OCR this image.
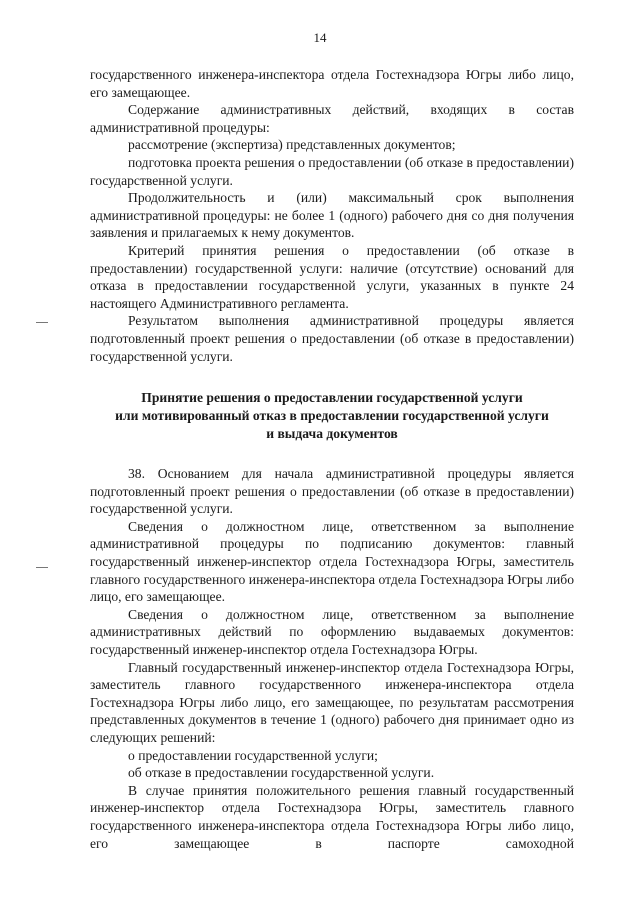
14

государственного инженера-инспектора отдела Гостехнадзора Югры либо лицо, его замещающее.

Содержание административных действий, входящих в состав административной процедуры:

рассмотрение (экспертиза) представленных документов;

подготовка проекта решения о предоставлении (об отказе в предоставлении) государственной услуги.

Продолжительность и (или) максимальный срок выполнения административной процедуры: не более 1 (одного) рабочего дня со дня получения заявления и прилагаемых к нему документов.

Критерий принятия решения о предоставлении (об отказе в предоставлении) государственной услуги: наличие (отсутствие) оснований для отказа в предоставлении государственной услуги, указанных в пункте 24 настоящего Административного регламента.

Результатом выполнения административной процедуры является подготовленный проект решения о предоставлении (об отказе в предоставлении) государственной услуги.

Принятие решения о предоставлении государственной услуги
или мотивированный отказ в предоставлении государственной услуги
и выдача документов

38. Основанием для начала административной процедуры является подготовленный проект решения о предоставлении (об отказе в предоставлении) государственной услуги.

Сведения о должностном лице, ответственном за выполнение административной процедуры по подписанию документов: главный государственный инженер-инспектор отдела Гостехнадзора Югры, заместитель главного государственного инженера-инспектора отдела Гостехнадзора Югры либо лицо, его замещающее.

Сведения о должностном лице, ответственном за выполнение административных действий по оформлению выдаваемых документов: государственный инженер-инспектор отдела Гостехнадзора Югры.

Главный государственный инженер-инспектор отдела Гостехнадзора Югры, заместитель главного государственного инженера-инспектора отдела Гостехнадзора Югры либо лицо, его замещающее, по результатам рассмотрения представленных документов в течение 1 (одного) рабочего дня принимает одно из следующих решений:

о предоставлении государственной услуги;

об отказе в предоставлении государственной услуги.

В случае принятия положительного решения главный государственный инженер-инспектор отдела Гостехнадзора Югры, заместитель главного государственного инженера-инспектора отдела Гостехнадзора Югры либо лицо, его замещающее в паспорте самоходной
